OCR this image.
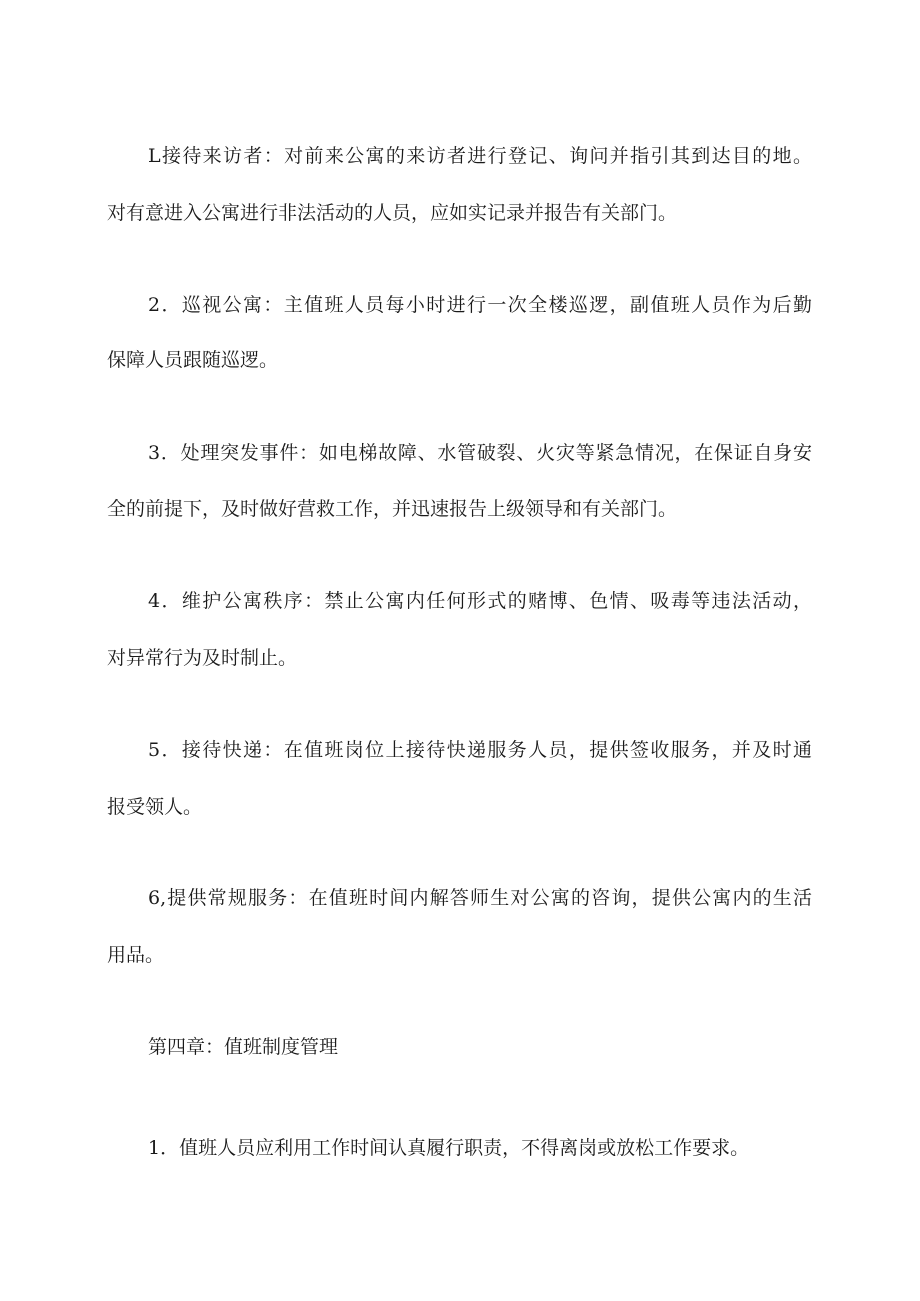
L接待来访者：对前来公寓的来访者进行登记、询问并指引其到达目的地。
对有意进入公寓进行非法活动的人员，应如实记录并报告有关部门。
2．巡视公寓：主值班人员每小时进行一次全楼巡逻，副值班人员作为后勤
保障人员跟随巡逻。
3．处理突发事件：如电梯故障、水管破裂、火灾等紧急情况，在保证自身安
全的前提下，及时做好营救工作，并迅速报告上级领导和有关部门。
4．维护公寓秩序：禁止公寓内任何形式的赌博、色情、吸毒等违法活动，
对异常行为及时制止。
5．接待快递：在值班岗位上接待快递服务人员，提供签收服务，并及时通
报受领人。
6,提供常规服务：在值班时间内解答师生对公寓的咨询，提供公寓内的生活
用品。
第四章：值班制度管理
1．值班人员应利用工作时间认真履行职责，不得离岗或放松工作要求。
